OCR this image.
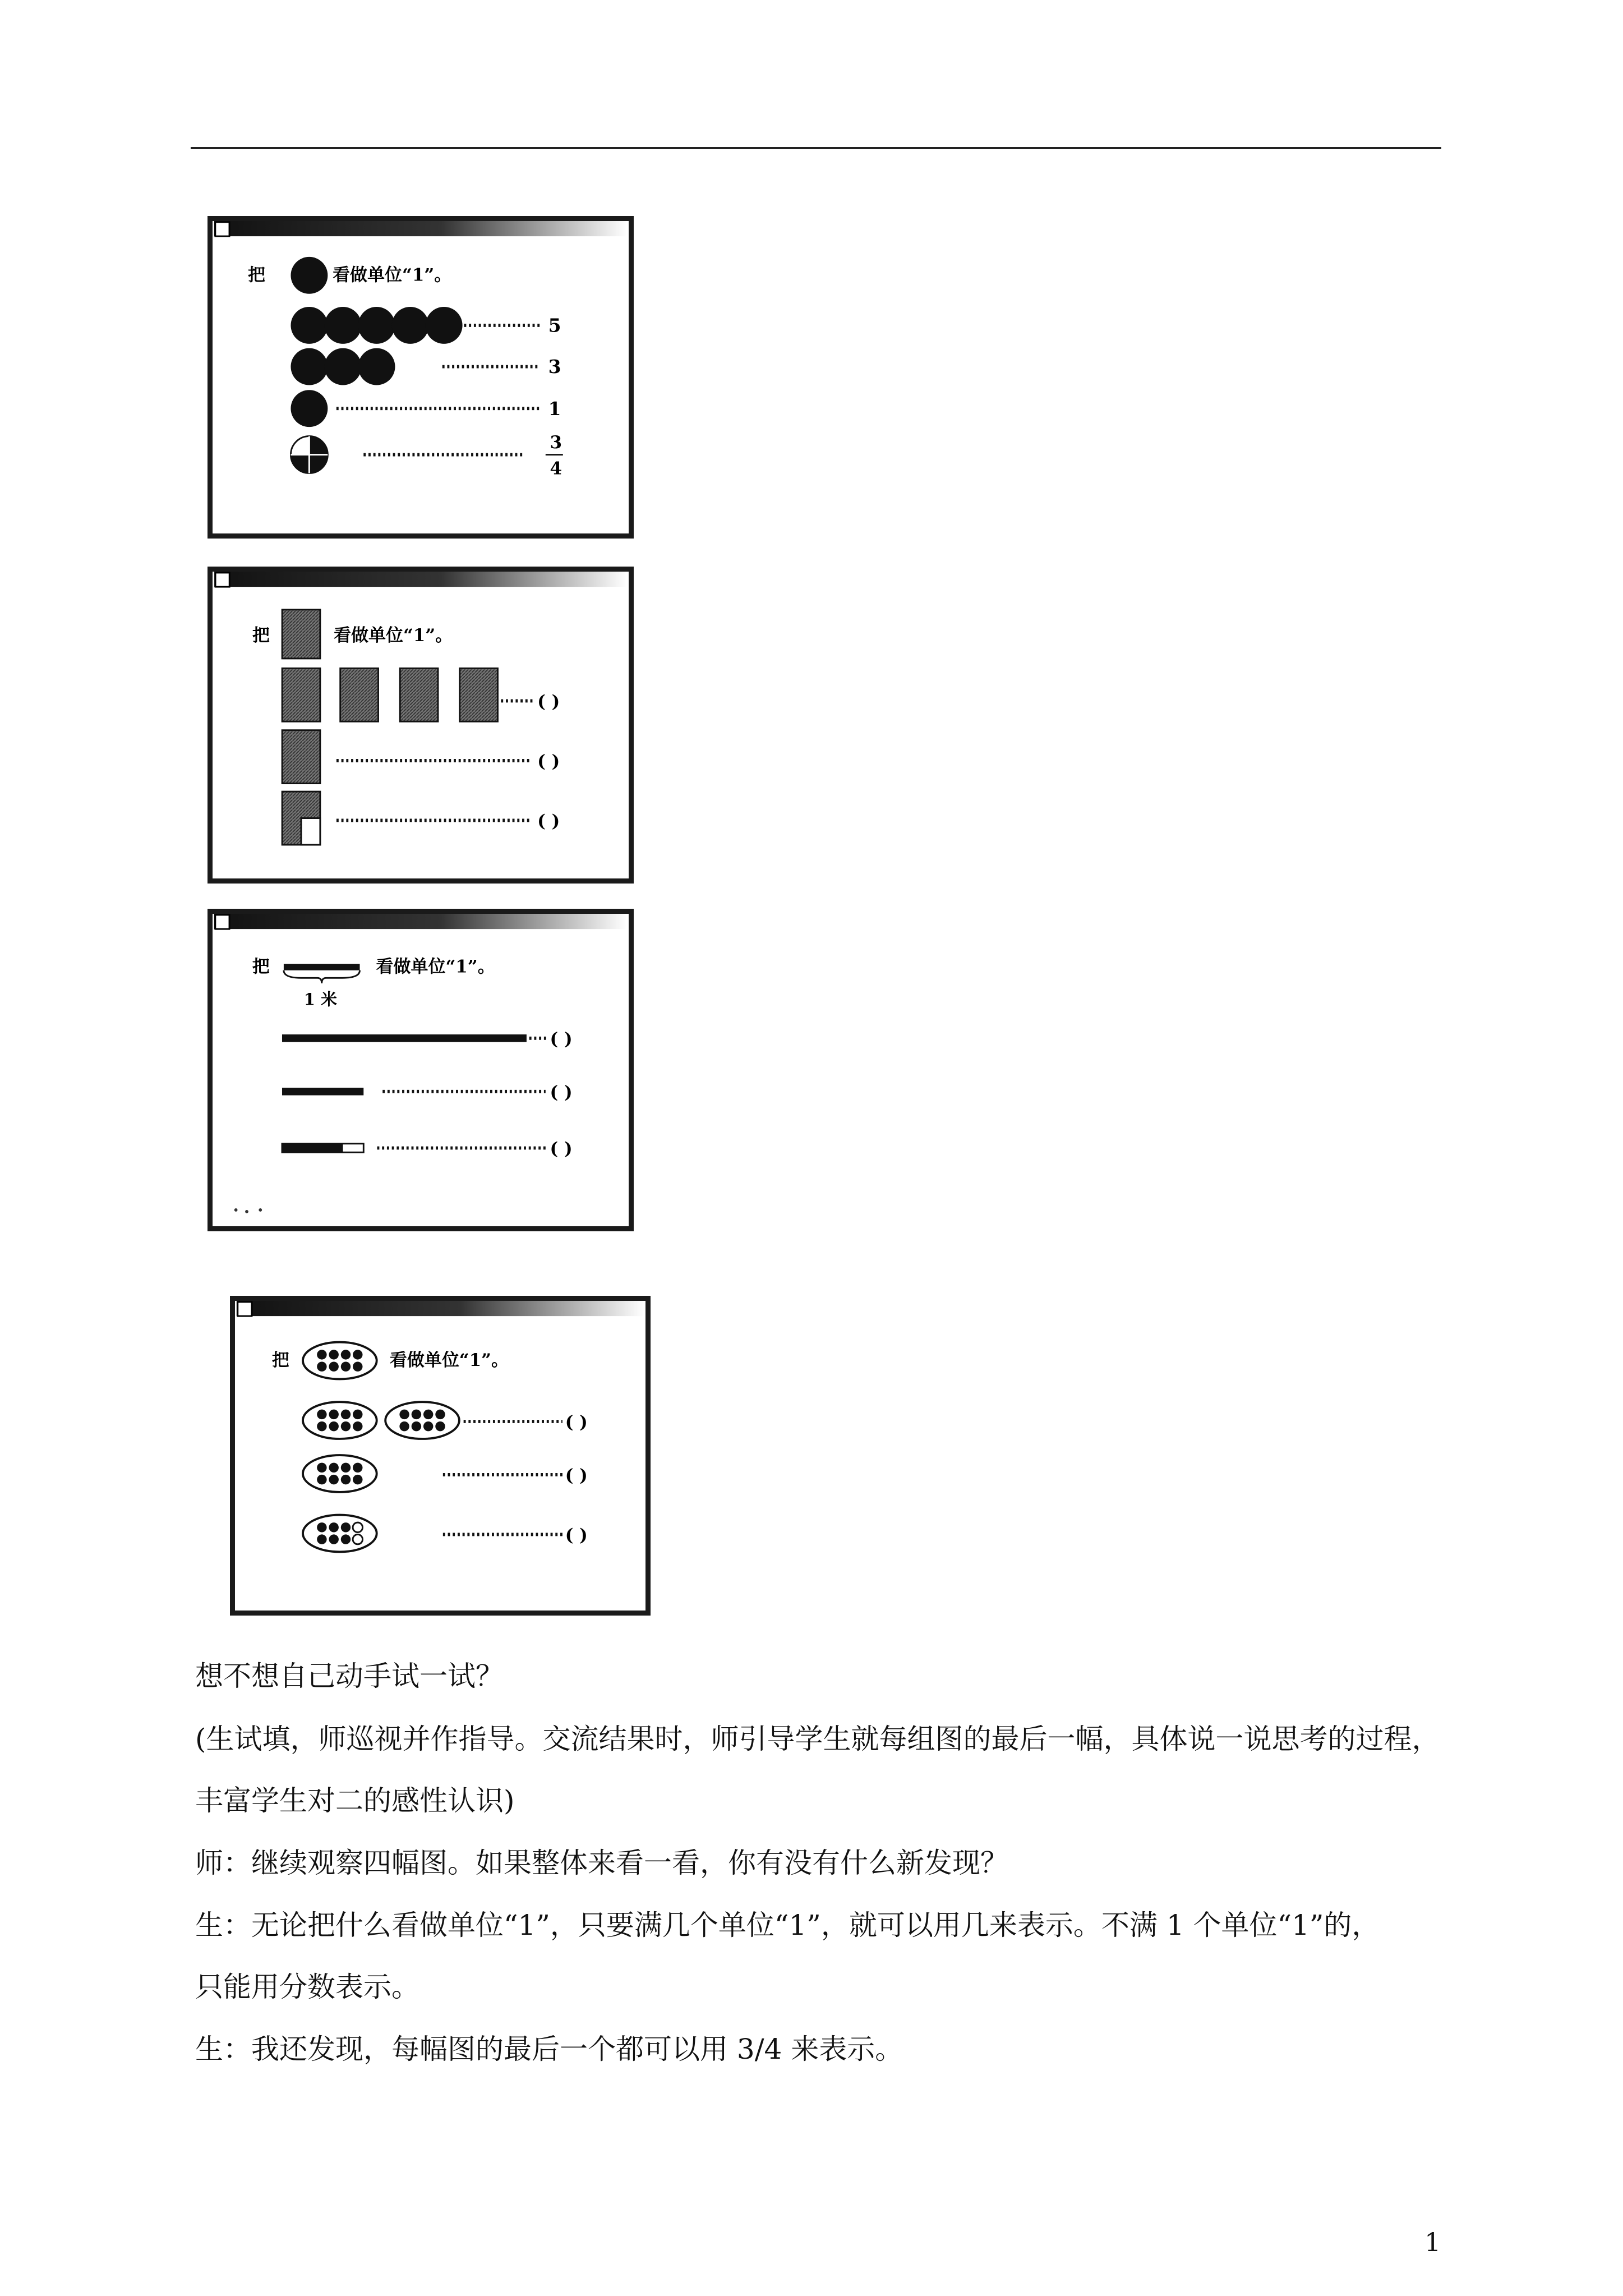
把	看做单位“1”。
5
3
1
3
4
把	看做单位“1”。
( )
( )
( )
把	看做单位“1”。
1 米
( )
( )
( )
把	看做单位“1”。
( )
( )
( )
想不想自己动手试一试？
(生试填，师巡视并作指导。交流结果时，师引导学生就每组图的最后一幅，具体说一说思考的过程，
丰富学生对二的感性认识)
师：继续观察四幅图。如果整体来看一看，你有没有什么新发现？
生：无论把什么看做单位“1”，只要满几个单位“1”，就可以用几来表示。不满 1 个单位“1”的，
只能用分数表示。
生：我还发现，每幅图的最后一个都可以用 3/4 来表示。
1
